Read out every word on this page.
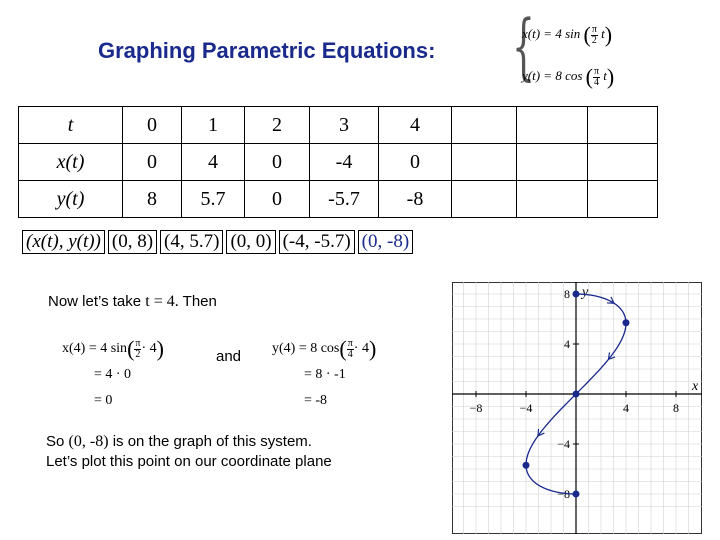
Graphing Parametric Equations: {
x(t) = 4 sin ( $\frac{\pi}{2} t$)
y(t) = 8 cos ( $\frac{\pi}{4} t$)
t	0	1	2	3	4			
x(t)	0	4	0	-4	0			
y(t)	8	5.7	0	-5.7	-8			
(x(t), y(t)) (0, 8) (4, 5.7) (0, 0) (-4, -5.7) (0, -8)
Now let’s take t = 4. Then
x(4) = 4 $\sin( \frac{\pi}{2}\cdot 4)$
= 4 · 0
= 0
and y(4) = 8 $\cos( \frac{\pi}{4}\cdot 4)$
= 8 · -1
= -8
So (0, -8) is on the graph of this system.
Let’s plot this point on our coordinate plane
−8	−4	4	8
8
4
−4
−8
x
y
